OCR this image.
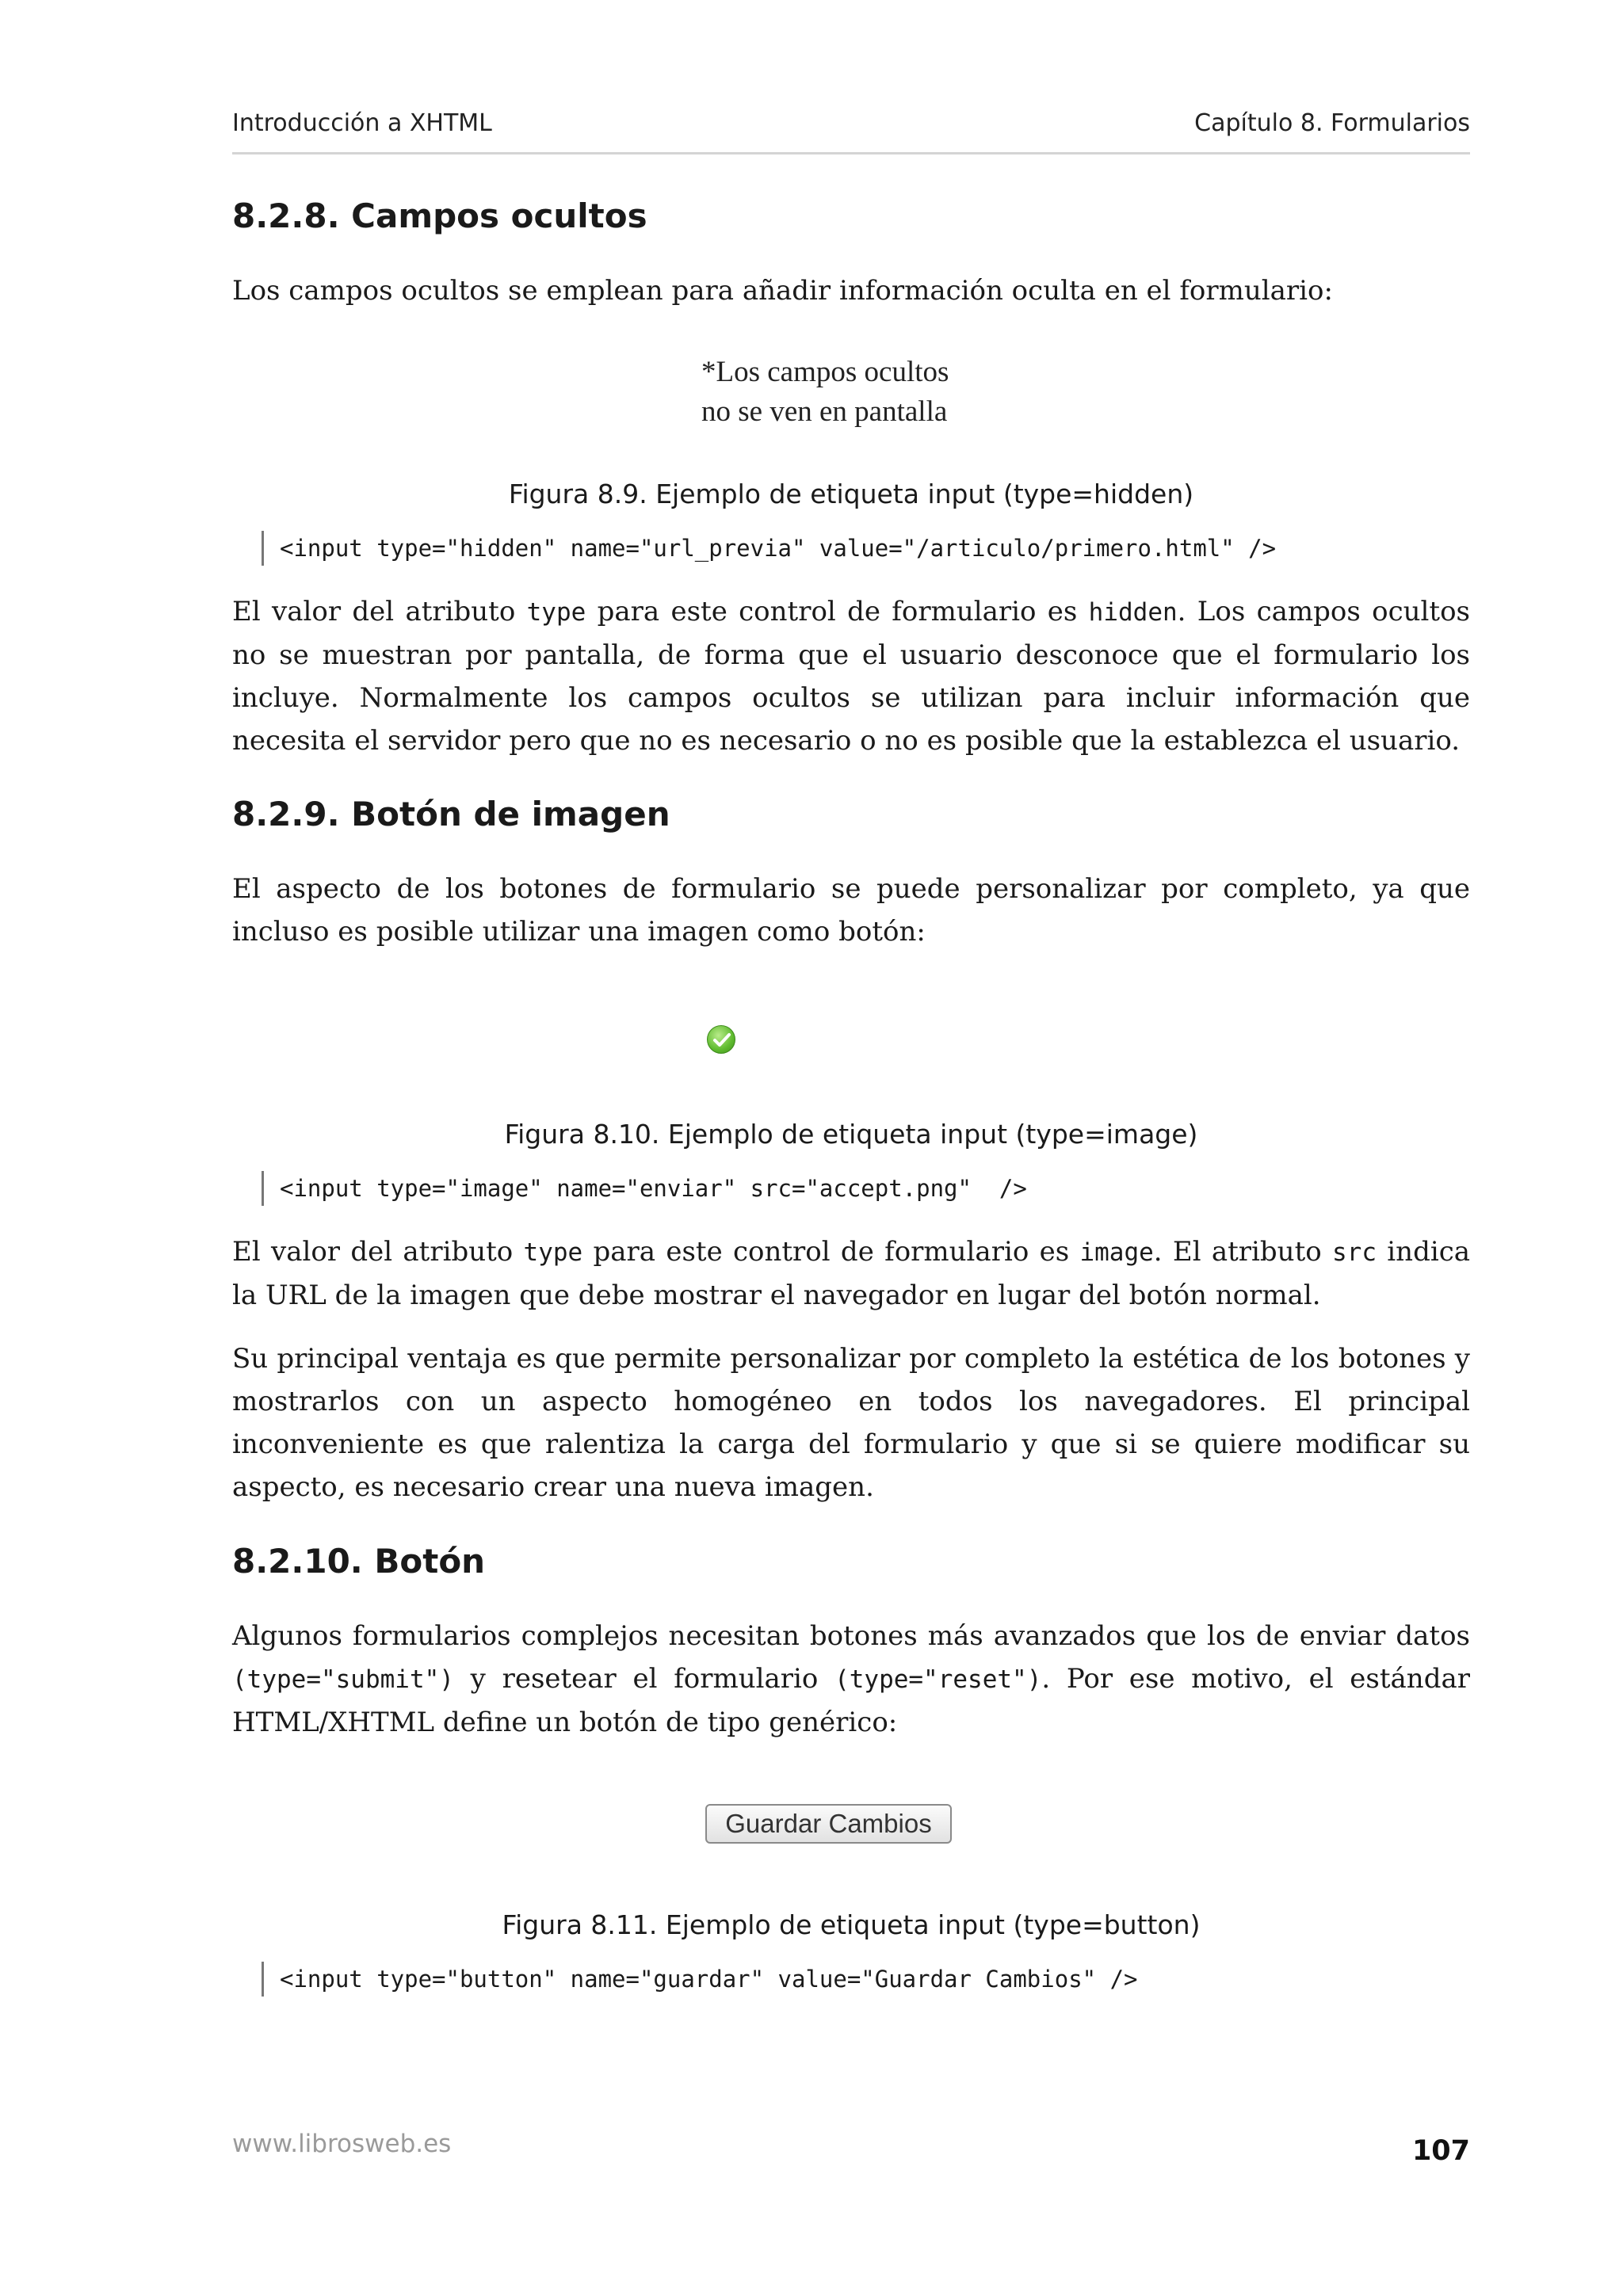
Introducción a XHTML	Capítulo 8. Formularios
8.2.8. Campos ocultos

Los campos ocultos se emplean para añadir información oculta en el formulario:

*Los campos ocultos
no se ven en pantalla
Figura 8.9. Ejemplo de etiqueta input (type=hidden)
<input type="hidden" name="url_previa" value="/articulo/primero.html" />

El valor del atributo type para este control de formulario es hidden. Los campos ocultos no se muestran por pantalla, de forma que el usuario desconoce que el formulario los incluye. Normalmente los campos ocultos se utilizan para incluir información que necesita el servidor pero que no es necesario o no es posible que la establezca el usuario.

8.2.9. Botón de imagen

El aspecto de los botones de formulario se puede personalizar por completo, ya que incluso es posible utilizar una imagen como botón:

Figura 8.10. Ejemplo de etiqueta input (type=image)
<input type="image" name="enviar" src="accept.png"  />

El valor del atributo type para este control de formulario es image. El atributo src indica la URL de la imagen que debe mostrar el navegador en lugar del botón normal.

Su principal ventaja es que permite personalizar por completo la estética de los botones y mostrarlos con un aspecto homogéneo en todos los navegadores. El principal inconveniente es que ralentiza la carga del formulario y que si se quiere modificar su aspecto, es necesario crear una nueva imagen.

8.2.10. Botón

Algunos formularios complejos necesitan botones más avanzados que los de enviar datos (type="submit") y resetear el formulario (type="reset"). Por ese motivo, el estándar HTML/XHTML define un botón de tipo genérico:

Guardar Cambios
Figura 8.11. Ejemplo de etiqueta input (type=button)
<input type="button" name="guardar" value="Guardar Cambios" />
www.librosweb.es	107
